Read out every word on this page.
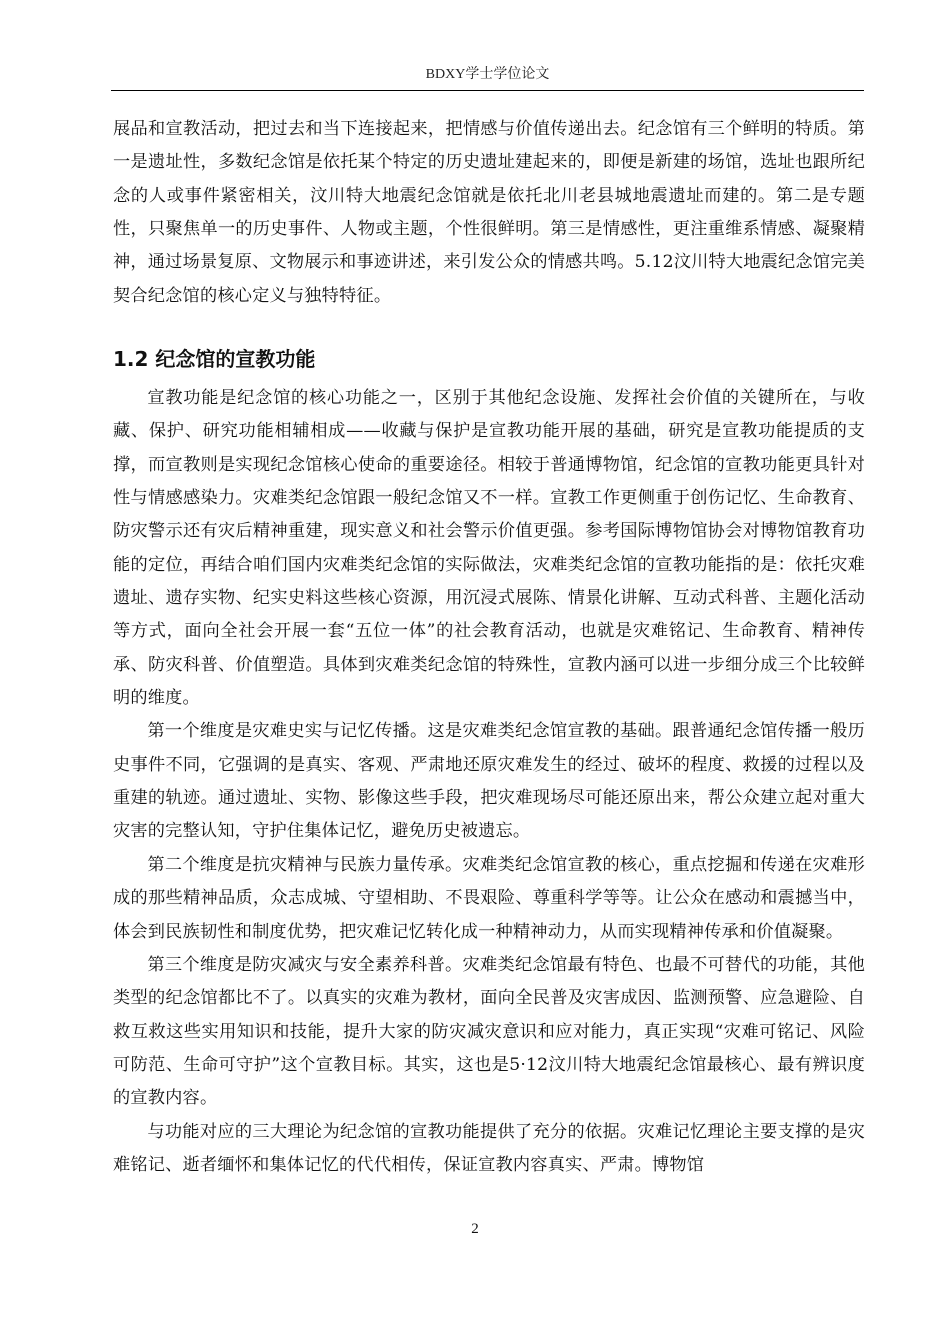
BDXY学士学位论文

展品和宣教活动，把过去和当下连接起来，把情感与价值传递出去。纪念馆有三个鲜明的特质。第一是遗址性，多数纪念馆是依托某个特定的历史遗址建起来的，即便是新建的场馆，选址也跟所纪念的人或事件紧密相关，汶川特大地震纪念馆就是依托北川老县城地震遗址而建的。第二是专题性，只聚焦单一的历史事件、人物或主题，个性很鲜明。第三是情感性，更注重维系情感、凝聚精神，通过场景复原、文物展示和事迹讲述，来引发公众的情感共鸣。5.12汶川特大地震纪念馆完美契合纪念馆的核心定义与独特特征。

1.2 纪念馆的宣教功能

宣教功能是纪念馆的核心功能之一，区别于其他纪念设施、发挥社会价值的关键所在，与收藏、保护、研究功能相辅相成——收藏与保护是宣教功能开展的基础，研究是宣教功能提质的支撑，而宣教则是实现纪念馆核心使命的重要途径。相较于普通博物馆，纪念馆的宣教功能更具针对性与情感感染力。灾难类纪念馆跟一般纪念馆又不一样。宣教工作更侧重于创伤记忆、生命教育、防灾警示还有灾后精神重建，现实意义和社会警示价值更强。参考国际博物馆协会对博物馆教育功能的定位，再结合咱们国内灾难类纪念馆的实际做法，灾难类纪念馆的宣教功能指的是：依托灾难遗址、遗存实物、纪实史料这些核心资源，用沉浸式展陈、情景化讲解、互动式科普、主题化活动等方式，面向全社会开展一套“五位一体”的社会教育活动，也就是灾难铭记、生命教育、精神传承、防灾科普、价值塑造。具体到灾难类纪念馆的特殊性，宣教内涵可以进一步细分成三个比较鲜明的维度。

第一个维度是灾难史实与记忆传播。这是灾难类纪念馆宣教的基础。跟普通纪念馆传播一般历史事件不同，它强调的是真实、客观、严肃地还原灾难发生的经过、破坏的程度、救援的过程以及重建的轨迹。通过遗址、实物、影像这些手段，把灾难现场尽可能还原出来，帮公众建立起对重大灾害的完整认知，守护住集体记忆，避免历史被遗忘。

第二个维度是抗灾精神与民族力量传承。灾难类纪念馆宣教的核心，重点挖掘和传递在灾难形成的那些精神品质，众志成城、守望相助、不畏艰险、尊重科学等等。让公众在感动和震撼当中，体会到民族韧性和制度优势，把灾难记忆转化成一种精神动力，从而实现精神传承和价值凝聚。

第三个维度是防灾减灾与安全素养科普。灾难类纪念馆最有特色、也最不可替代的功能，其他类型的纪念馆都比不了。以真实的灾难为教材，面向全民普及灾害成因、监测预警、应急避险、自救互救这些实用知识和技能，提升大家的防灾减灾意识和应对能力，真正实现“灾难可铭记、风险可防范、生命可守护”这个宣教目标。其实，这也是5·12汶川特大地震纪念馆最核心、最有辨识度的宣教内容。

与功能对应的三大理论为纪念馆的宣教功能提供了充分的依据。灾难记忆理论主要支撑的是灾难铭记、逝者缅怀和集体记忆的代代相传，保证宣教内容真实、严肃。博物馆

2
